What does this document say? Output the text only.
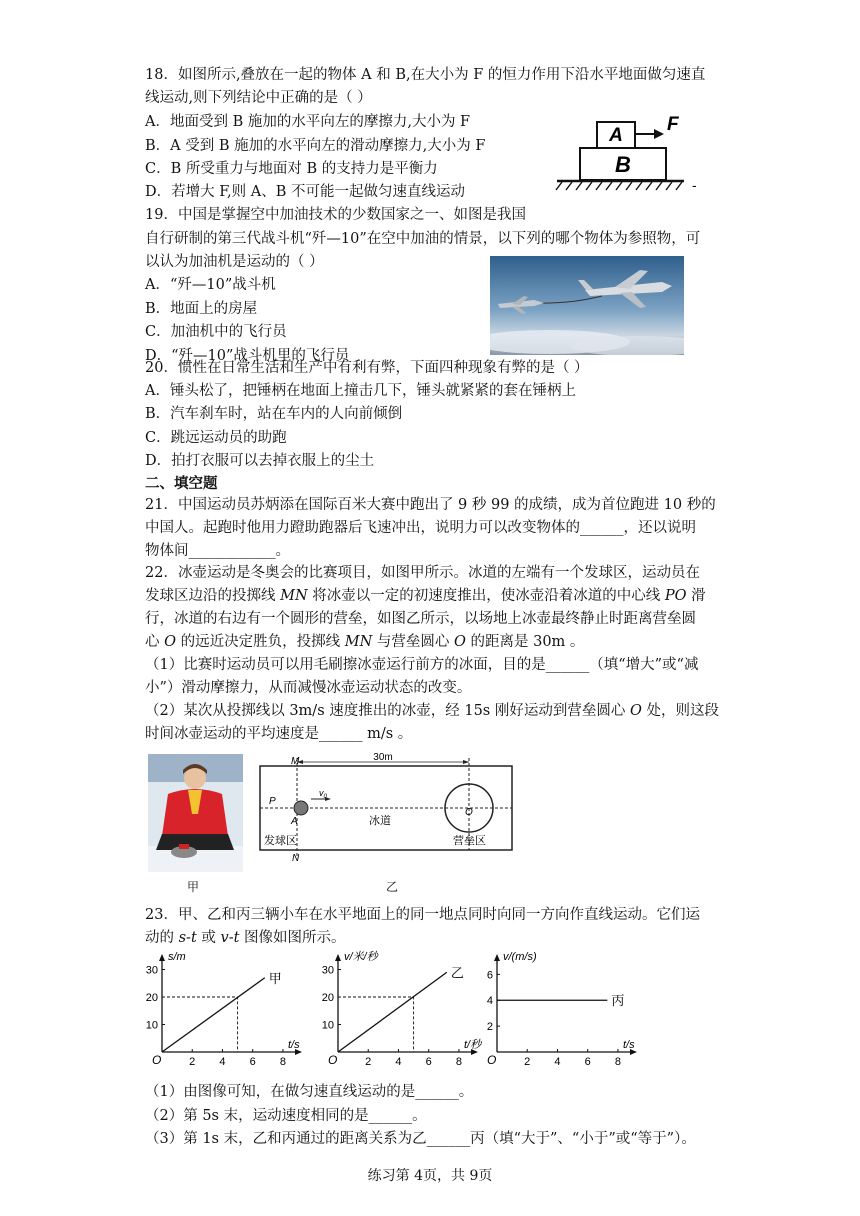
18．如图所示,叠放在一起的物体 A 和 B,在大小为 F 的恒力作用下沿水平地面做匀速直
线运动,则下列结论中正确的是（ ）
A．地面受到 B 施加的水平向左的摩擦力,大小为 F
B．A 受到 B 施加的水平向左的滑动摩擦力,大小为 F
C．B 所受重力与地面对 B 的支持力是平衡力
D．若增大 F,则 A、B 不可能一起做匀速直线运动
A
B
F
-
19．中国是掌握空中加油技术的少数国家之一、如图是我国
自行研制的第三代战斗机“歼—10”在空中加油的情景，以下列的哪个物体为参照物，可
以认为加油机是运动的（ ）
A．“歼—10”战斗机
B．地面上的房屋
C．加油机中的飞行员
D．“歼—10”战斗机里的飞行员
20．惯性在日常生活和生产中有利有弊，下面四种现象有弊的是（ ）
A．锤头松了，把锤柄在地面上撞击几下，锤头就紧紧的套在锤柄上
B．汽车刹车时，站在车内的人向前倾倒
C．跳远运动员的助跑
D．拍打衣服可以去掉衣服上的尘土
二、填空题
21．中国运动员苏炳添在国际百米大赛中跑出了 9 秒 99 的成绩，成为首位跑进 10 秒的
中国人。起跑时他用力蹬助跑器后飞速冲出，说明力可以改变物体的______，还以说明
物体间____________。
22．冰壶运动是冬奥会的比赛项目，如图甲所示。冰道的左端有一个发球区，运动员在
发球区边沿的投掷线 MN 将冰壶以一定的初速度推出，使冰壶沿着冰道的中心线 PO 滑
行，冰道的右边有一个圆形的营垒，如图乙所示，以场地上冰壶最终静止时距离营垒圆
心 O 的远近决定胜负，投掷线 MN 与营垒圆心 O 的距离是 30m 。
（1）比赛时运动员可以用毛刷擦冰壶运行前方的冰面，目的是______（填“增大”或“减
小”）滑动摩擦力，从而减慢冰壶运动状态的改变。
（2）某次从投掷线以 3m/s 速度推出的冰壶，经 15s 刚好运动到营垒圆心 O 处，则这段
时间冰壶运动的平均速度是______ m/s 。
甲
M
N
P
A
O
30m
$v_0$
发球区
冰道
营垒区
乙
23．甲、乙和丙三辆小车在水平地面上的同一地点同时向同一方向作直线运动。它们运
动的 s-t 或 v-t 图像如图所示。
O	2 4 6 8
10
20
30
s/m
t/s
甲
O	2 4 6 8
10
20
30
v/米/秒
t/秒
乙
O	2 4 6 8
2
4
6
v/(m/s)
t/s
丙
（1）由图像可知，在做匀速直线运动的是______。
（2）第 5s 末，运动速度相同的是______。
（3）第 1s 末，乙和丙通过的距离关系为乙______丙（填“大于”、“小于”或“等于”）。
练习第 4页，共 9页
